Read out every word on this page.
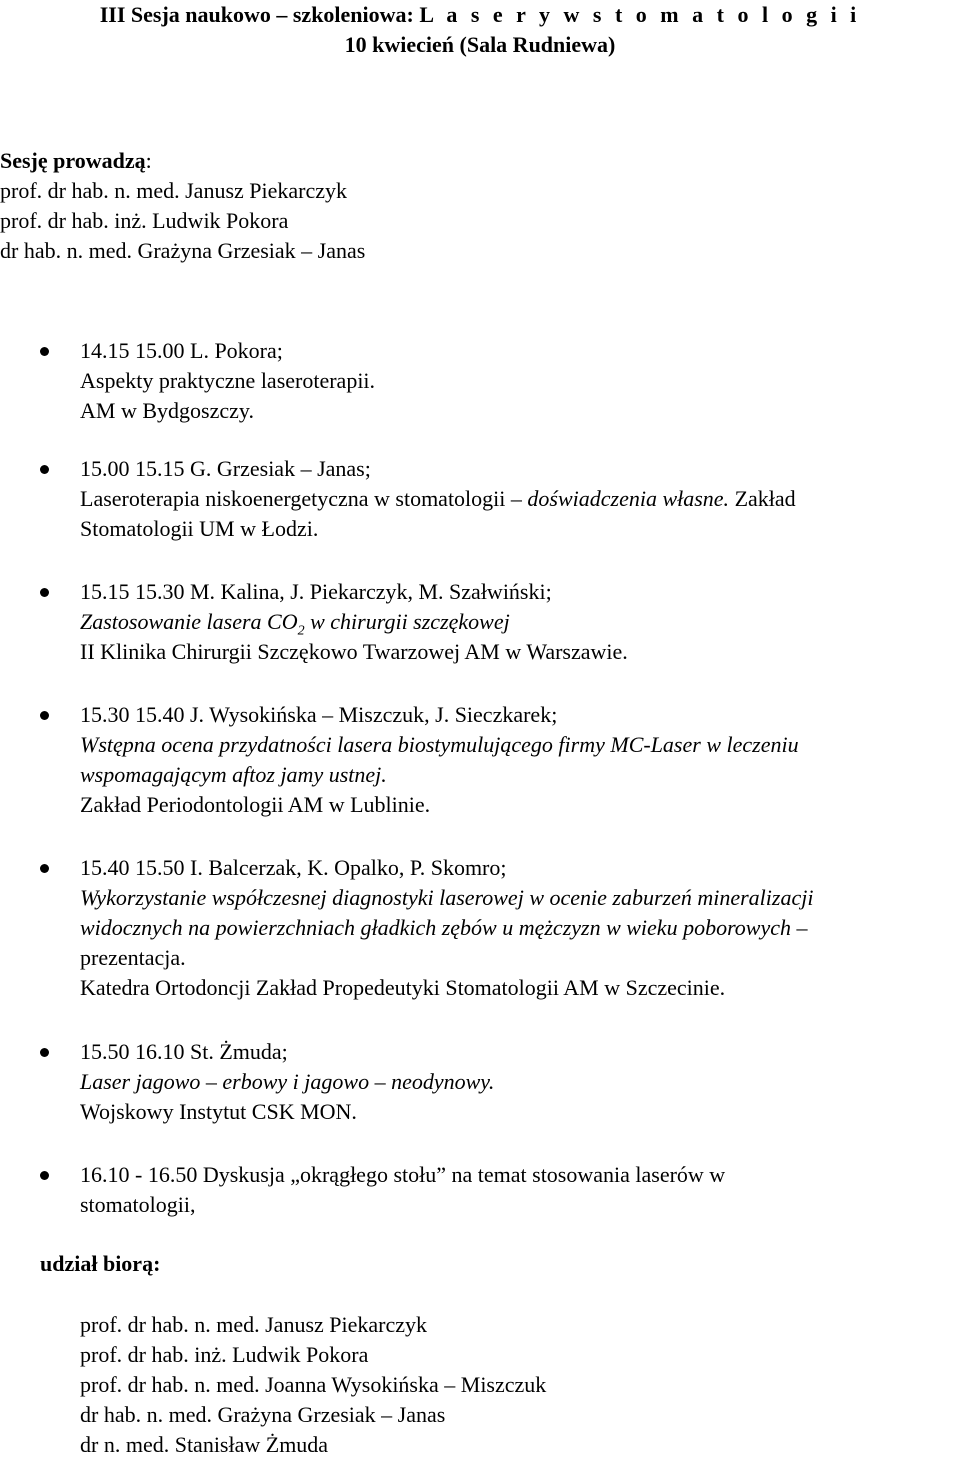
III Sesja naukowo – szkoleniowa: L a s e r y w s t o m a t o l o g i i
10 kwiecień (Sala Rudniewa)
Sesję prowadzą:
prof. dr hab. n. med. Janusz Piekarczyk
prof. dr hab. inż. Ludwik Pokora
dr hab. n. med. Grażyna Grzesiak – Janas
14.15 15.00 L. Pokora;
Aspekty praktyczne laseroterapii.
AM w Bydgoszczy.
15.00 15.15 G. Grzesiak – Janas;
Laseroterapia niskoenergetyczna w stomatologii – doświadczenia własne. Zakład
Stomatologii UM w Łodzi.
15.15 15.30 M. Kalina, J. Piekarczyk, M. Szałwiński;
Zastosowanie lasera $CO_2$ w chirurgii szczękowej
II Klinika Chirurgii Szczękowo Twarzowej AM w Warszawie.
15.30 15.40 J. Wysokińska – Miszczuk, J. Sieczkarek;
Wstępna ocena przydatności lasera biostymulującego firmy MC-Laser w leczeniu
wspomagającym aftoz jamy ustnej.
Zakład Periodontologii AM w Lublinie.
15.40 15.50 I. Balcerzak, K. Opalko, P. Skomro;
Wykorzystanie współczesnej diagnostyki laserowej w ocenie zaburzeń mineralizacji
widocznych na powierzchniach gładkich zębów u mężczyzn w wieku poborowych –
prezentacja.
Katedra Ortodoncji Zakład Propedeutyki Stomatologii AM w Szczecinie.
15.50 16.10 St. Żmuda;
Laser jagowo – erbowy i jagowo – neodynowy.
Wojskowy Instytut CSK MON.
16.10 - 16.50 Dyskusja „okrągłego stołu” na temat stosowania laserów w
stomatologii,
udział biorą:
prof. dr hab. n. med. Janusz Piekarczyk
prof. dr hab. inż. Ludwik Pokora
prof. dr hab. n. med. Joanna Wysokińska – Miszczuk
dr hab. n. med. Grażyna Grzesiak – Janas
dr n. med. Stanisław Żmuda
